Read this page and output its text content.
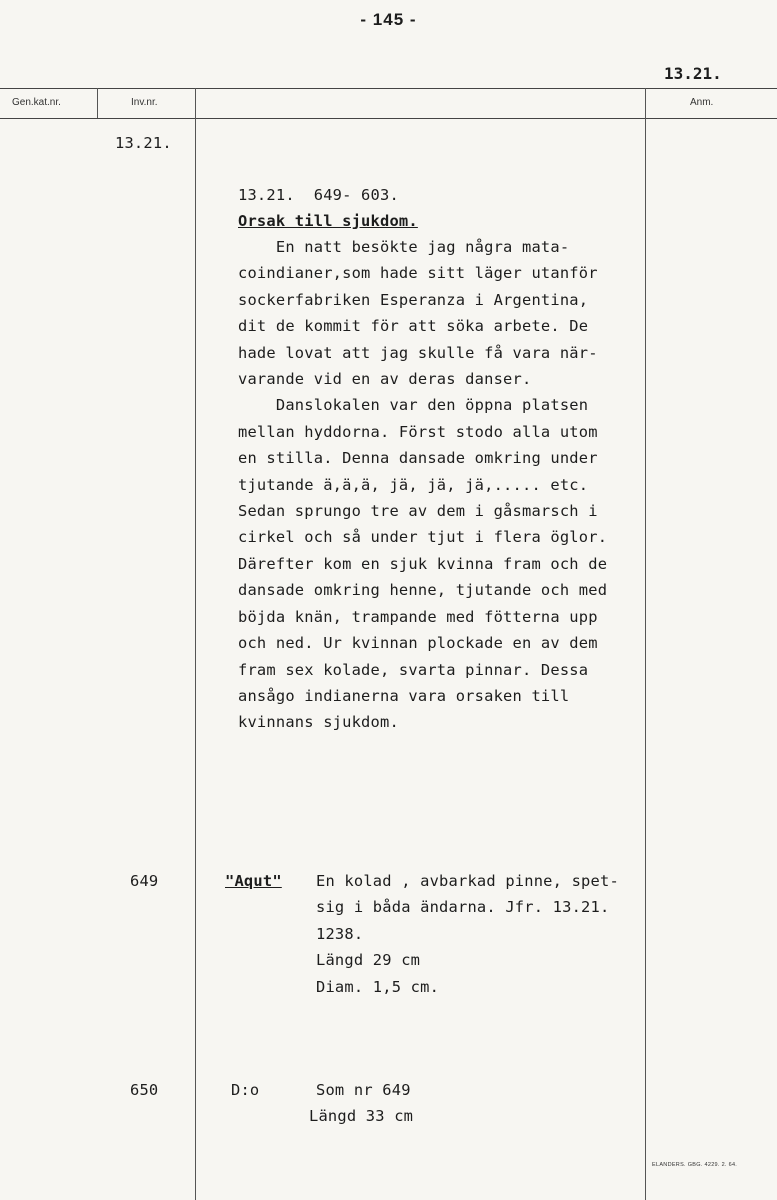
- 145 -
13.21.
Gen.kat.nr.	Inv.nr.	Anm.
13.21.
13.21.  649- 603.
Orsak till sjukdom.
En natt besökte jag några mata-
coindianer,som hade sitt läger utanför
sockerfabriken Esperanza i Argentina,
dit de kommit för att söka arbete. De
hade lovat att jag skulle få vara när-
varande vid en av deras danser.
Danslokalen var den öppna platsen
mellan hyddorna. Först stodo alla utom
en stilla. Denna dansade omkring under
tjutande ä,ä,ä, jä, jä, jä,..... etc.
Sedan sprungo tre av dem i gåsmarsch i
cirkel och så under tjut i flera öglor.
Därefter kom en sjuk kvinna fram och de
dansade omkring henne, tjutande och med
böjda knän, trampande med fötterna upp
och ned. Ur kvinnan plockade en av dem
fram sex kolade, svarta pinnar. Dessa
ansågo indianerna vara orsaken till
kvinnans sjukdom.
649	"Aqut" En kolad , avbarkad pinne, spet-
sig i båda ändarna. Jfr. 13.21.
1238.
Längd 29 cm
Diam. 1,5 cm.
650	D:o	Som nr 649
Längd 33 cm
ELANDERS. GBG. 4229. 2. 64.
